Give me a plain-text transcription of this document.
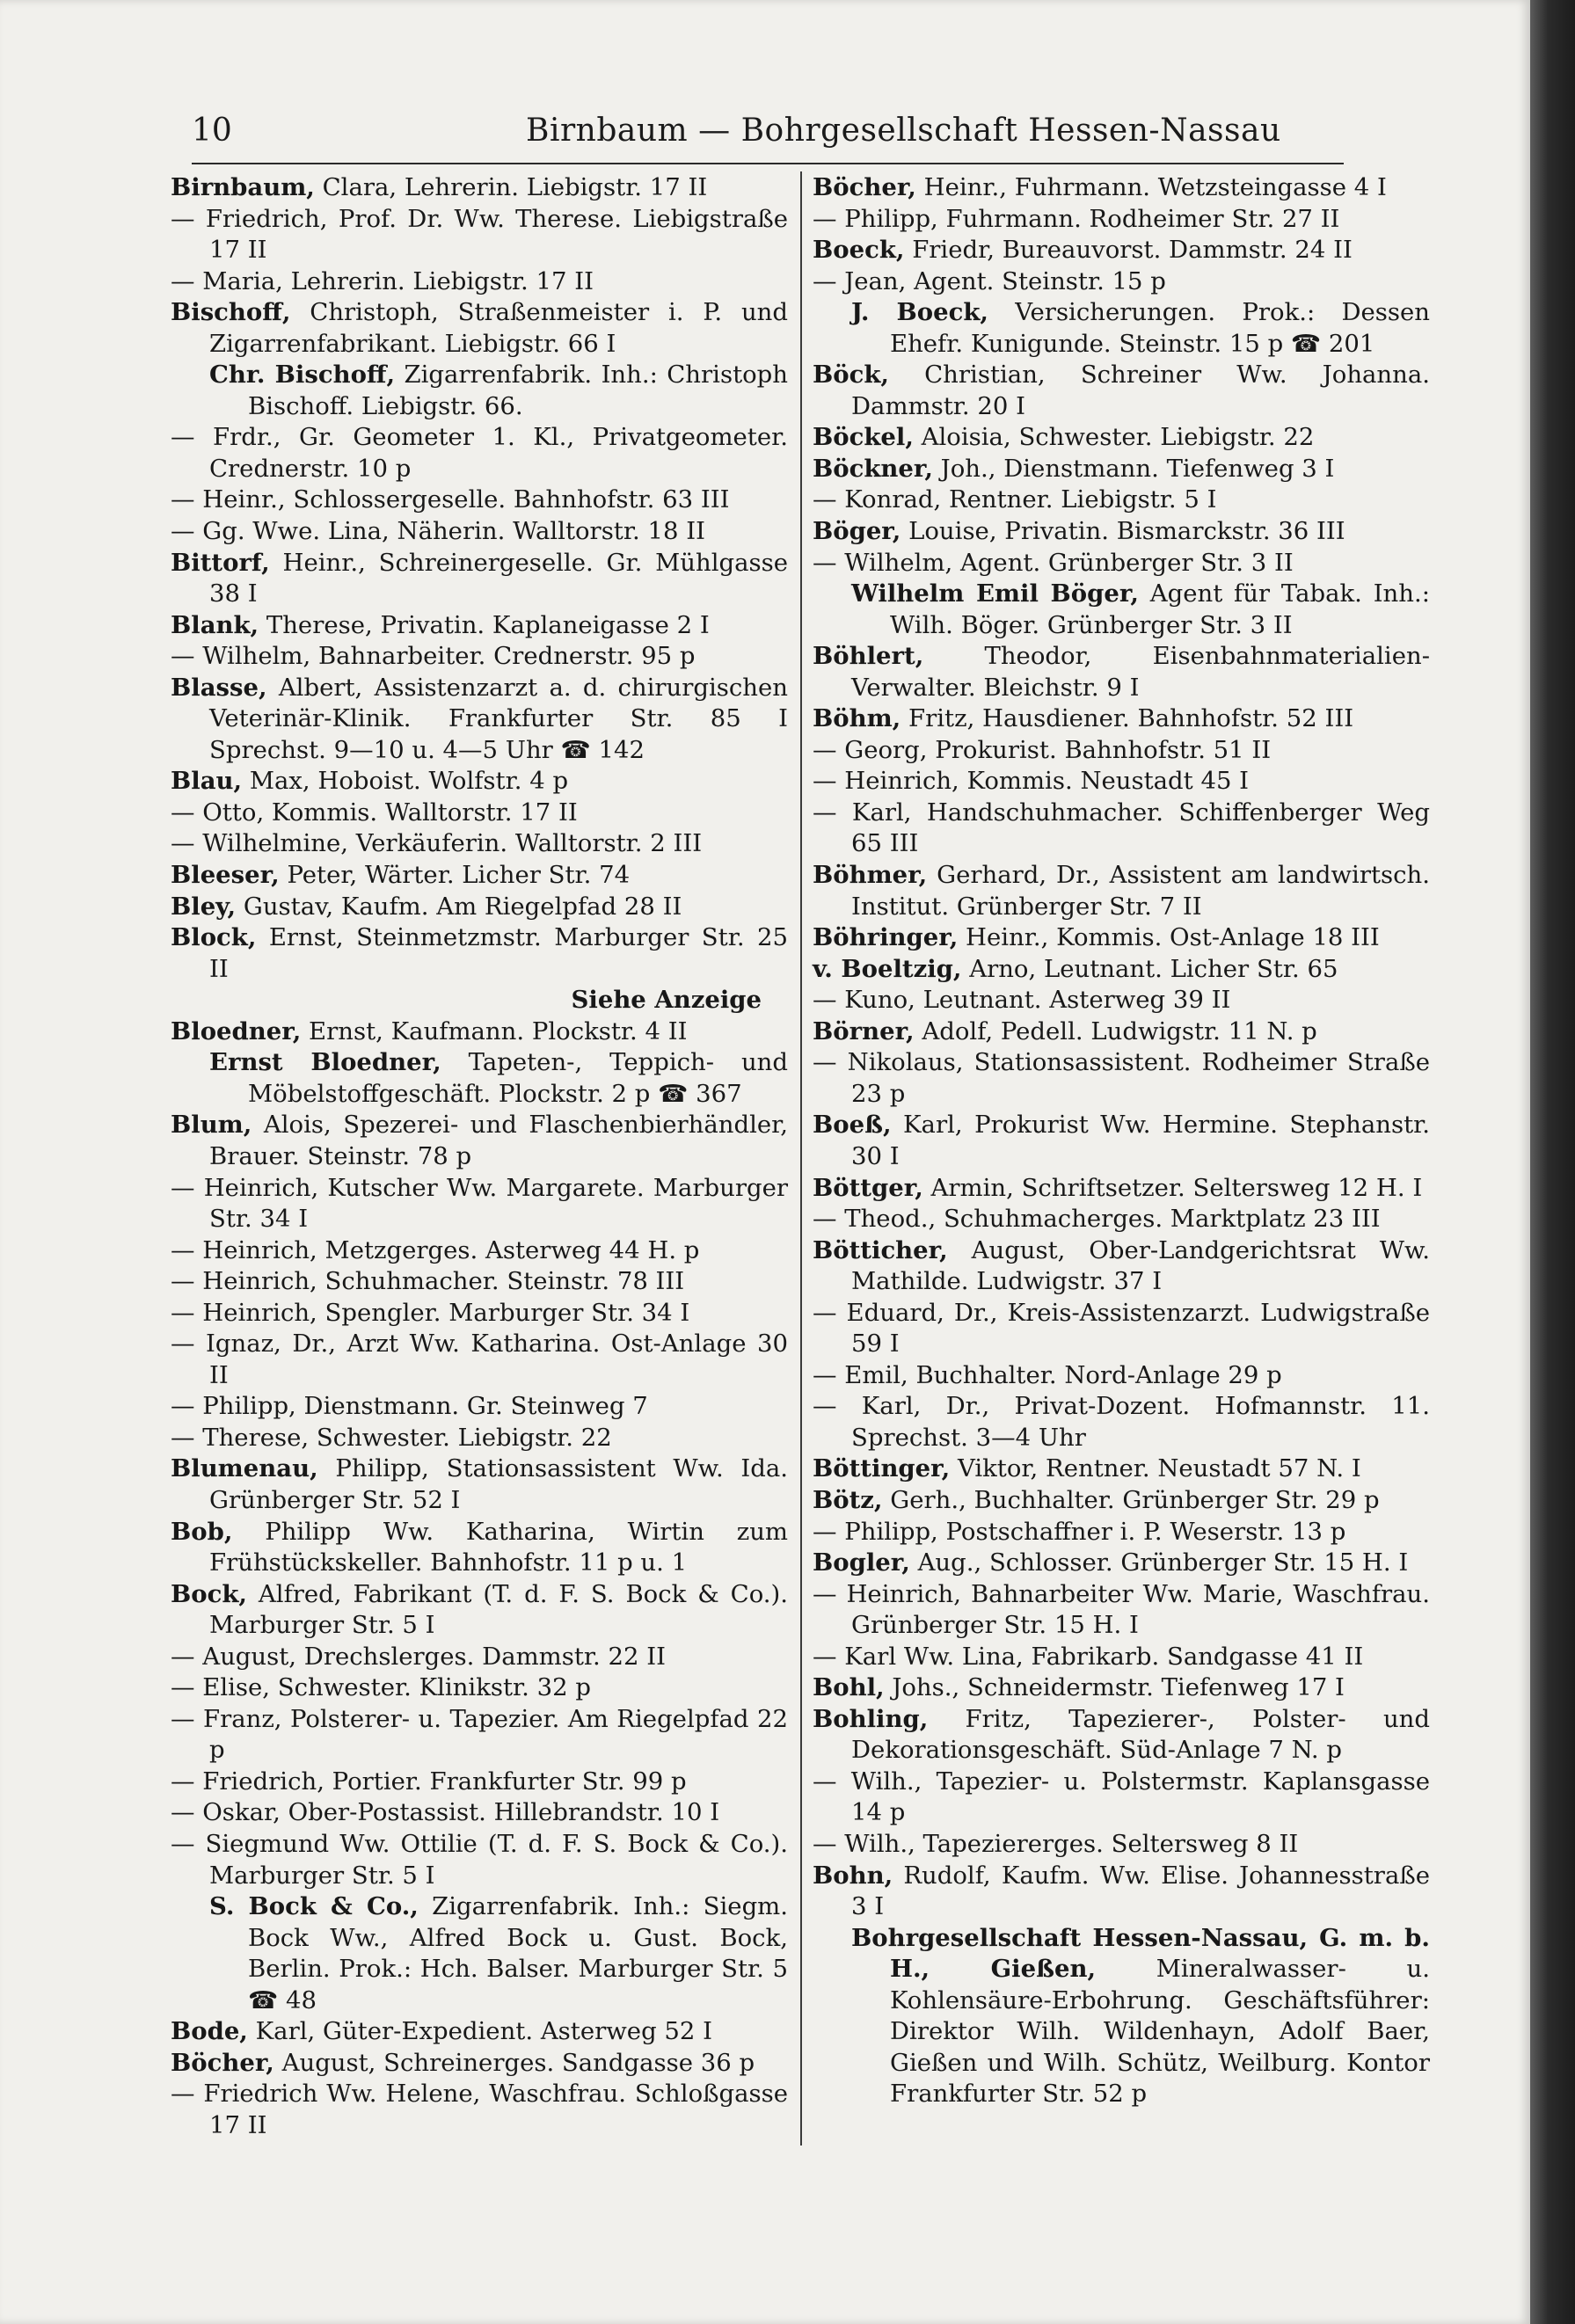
10	Birnbaum — Bohrgesellschaft Hessen-Nassau

Birnbaum, Clara, Lehrerin. Liebigstr. 17 II

— Friedrich, Prof. Dr. Ww. Therese. Liebigstraße 17 II

— Maria, Lehrerin. Liebigstr. 17 II

Bischoff, Christoph, Straßenmeister i. P. und Zigarrenfabrikant. Liebigstr. 66 I

Chr. Bischoff, Zigarrenfabrik. Inh.: Christoph Bischoff. Liebigstr. 66.

— Frdr., Gr. Geometer 1. Kl., Privatgeometer. Crednerstr. 10 p

— Heinr., Schlossergeselle. Bahnhofstr. 63 III

— Gg. Wwe. Lina, Näherin. Walltorstr. 18 II

Bittorf, Heinr., Schreinergeselle. Gr. Mühlgasse 38 I

Blank, Therese, Privatin. Kaplaneigasse 2 I

— Wilhelm, Bahnarbeiter. Crednerstr. 95 p

Blasse, Albert, Assistenzarzt a. d. chirurgischen Veterinär-Klinik. Frankfurter Str. 85 I Sprechst. 9—10 u. 4—5 Uhr ☎ 142

Blau, Max, Hoboist. Wolfstr. 4 p

— Otto, Kommis. Walltorstr. 17 II

— Wilhelmine, Verkäuferin. Walltorstr. 2 III

Bleeser, Peter, Wärter. Licher Str. 74

Bley, Gustav, Kaufm. Am Riegelpfad 28 II

Block, Ernst, Steinmetzmstr. Marburger Str. 25 II

Siehe Anzeige

Bloedner, Ernst, Kaufmann. Plockstr. 4 II

Ernst Bloedner, Tapeten-, Teppich- und Möbelstoffgeschäft. Plockstr. 2 p ☎ 367

Blum, Alois, Spezerei- und Flaschenbierhändler, Brauer. Steinstr. 78 p

— Heinrich, Kutscher Ww. Margarete. Marburger Str. 34 I

— Heinrich, Metzgerges. Asterweg 44 H. p

— Heinrich, Schuhmacher. Steinstr. 78 III

— Heinrich, Spengler. Marburger Str. 34 I

— Ignaz, Dr., Arzt Ww. Katharina. Ost-Anlage 30 II

— Philipp, Dienstmann. Gr. Steinweg 7

— Therese, Schwester. Liebigstr. 22

Blumenau, Philipp, Stationsassistent Ww. Ida. Grünberger Str. 52 I

Bob, Philipp Ww. Katharina, Wirtin zum Frühstückskeller. Bahnhofstr. 11 p u. 1

Bock, Alfred, Fabrikant (T. d. F. S. Bock & Co.). Marburger Str. 5 I

— August, Drechslerges. Dammstr. 22 II

— Elise, Schwester. Klinikstr. 32 p

— Franz, Polsterer- u. Tapezier. Am Riegelpfad 22 p

— Friedrich, Portier. Frankfurter Str. 99 p

— Oskar, Ober-Postassist. Hillebrandstr. 10 I

— Siegmund Ww. Ottilie (T. d. F. S. Bock & Co.). Marburger Str. 5 I

S. Bock & Co., Zigarrenfabrik. Inh.: Siegm. Bock Ww., Alfred Bock u. Gust. Bock, Berlin. Prok.: Hch. Balser. Marburger Str. 5 ☎ 48

Bode, Karl, Güter-Expedient. Asterweg 52 I

Böcher, August, Schreinerges. Sandgasse 36 p

— Friedrich Ww. Helene, Waschfrau. Schloßgasse 17 II

Böcher, Heinr., Fuhrmann. Wetzsteingasse 4 I

— Philipp, Fuhrmann. Rodheimer Str. 27 II

Boeck, Friedr, Bureauvorst. Dammstr. 24 II

— Jean, Agent. Steinstr. 15 p

J. Boeck, Versicherungen. Prok.: Dessen Ehefr. Kunigunde. Steinstr. 15 p ☎ 201

Böck, Christian, Schreiner Ww. Johanna. Dammstr. 20 I

Böckel, Aloisia, Schwester. Liebigstr. 22

Böckner, Joh., Dienstmann. Tiefenweg 3 I

— Konrad, Rentner. Liebigstr. 5 I

Böger, Louise, Privatin. Bismarckstr. 36 III

— Wilhelm, Agent. Grünberger Str. 3 II

Wilhelm Emil Böger, Agent für Tabak. Inh.: Wilh. Böger. Grünberger Str. 3 II

Böhlert, Theodor, Eisenbahnmaterialien-Verwalter. Bleichstr. 9 I

Böhm, Fritz, Hausdiener. Bahnhofstr. 52 III

— Georg, Prokurist. Bahnhofstr. 51 II

— Heinrich, Kommis. Neustadt 45 I

— Karl, Handschuhmacher. Schiffenberger Weg 65 III

Böhmer, Gerhard, Dr., Assistent am landwirtsch. Institut. Grünberger Str. 7 II

Böhringer, Heinr., Kommis. Ost-Anlage 18 III

v. Boeltzig, Arno, Leutnant. Licher Str. 65

— Kuno, Leutnant. Asterweg 39 II

Börner, Adolf, Pedell. Ludwigstr. 11 N. p

— Nikolaus, Stationsassistent. Rodheimer Straße 23 p

Boeß, Karl, Prokurist Ww. Hermine. Stephanstr. 30 I

Böttger, Armin, Schriftsetzer. Seltersweg 12 H. I

— Theod., Schuhmacherges. Marktplatz 23 III

Bötticher, August, Ober-Landgerichtsrat Ww. Mathilde. Ludwigstr. 37 I

— Eduard, Dr., Kreis-Assistenzarzt. Ludwigstraße 59 I

— Emil, Buchhalter. Nord-Anlage 29 p

— Karl, Dr., Privat-Dozent. Hofmannstr. 11. Sprechst. 3—4 Uhr

Böttinger, Viktor, Rentner. Neustadt 57 N. I

Bötz, Gerh., Buchhalter. Grünberger Str. 29 p

— Philipp, Postschaffner i. P. Weserstr. 13 p

Bogler, Aug., Schlosser. Grünberger Str. 15 H. I

— Heinrich, Bahnarbeiter Ww. Marie, Waschfrau. Grünberger Str. 15 H. I

— Karl Ww. Lina, Fabrikarb. Sandgasse 41 II

Bohl, Johs., Schneidermstr. Tiefenweg 17 I

Bohling, Fritz, Tapezierer-, Polster- und Dekorationsgeschäft. Süd-Anlage 7 N. p

— Wilh., Tapezier- u. Polstermstr. Kaplansgasse 14 p

— Wilh., Tapeziererges. Seltersweg 8 II

Bohn, Rudolf, Kaufm. Ww. Elise. Johannesstraße 3 I

Bohrgesellschaft Hessen-Nassau, G. m. b. H., Gießen, Mineralwasser- u. Kohlensäure-Erbohrung. Geschäftsführer: Direktor Wilh. Wildenhayn, Adolf Baer, Gießen und Wilh. Schütz, Weilburg. Kontor Frankfurter Str. 52 p
